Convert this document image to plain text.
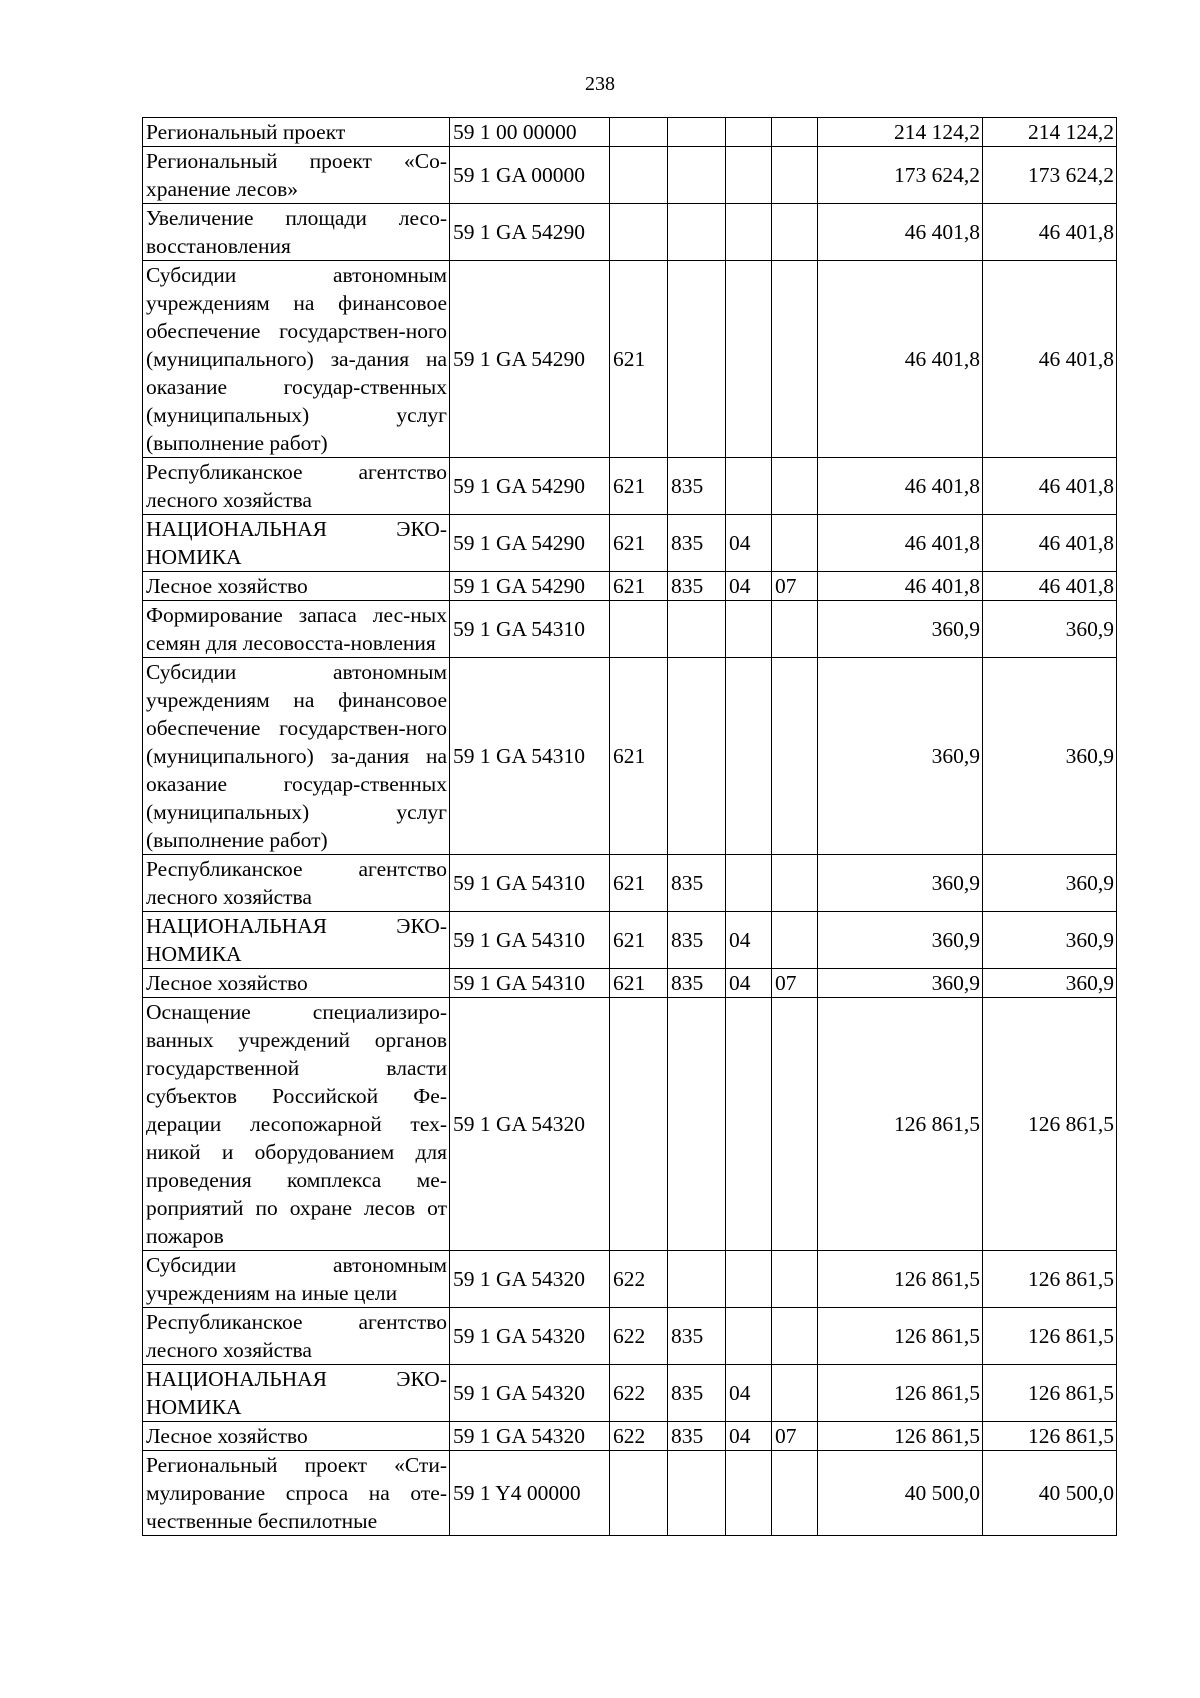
238
Региональный проект	59 1 00 00000					214 124,2	214 124,2
Региональный проект «Со-хранение лесов»	59 1 GA 00000					173 624,2	173 624,2
Увеличение площади лесо-восстановления	59 1 GA 54290					46 401,8	46 401,8
Субсидии автономным учреждениям на финансовое обеспечение государствен-ного (муниципального) за-дания на оказание государ-ственных (муниципальных) услуг (выполнение работ)	59 1 GA 54290	621				46 401,8	46 401,8
Республиканское агентство лесного хозяйства	59 1 GA 54290	621	835			46 401,8	46 401,8
НАЦИОНАЛЬНАЯ ЭКО-НОМИКА	59 1 GA 54290	621	835	04		46 401,8	46 401,8
Лесное хозяйство	59 1 GA 54290	621	835	04	07	46 401,8	46 401,8
Формирование запаса лес-ных семян для лесовосста-новления	59 1 GA 54310					360,9	360,9
Субсидии автономным учреждениям на финансовое обеспечение государствен-ного (муниципального) за-дания на оказание государ-ственных (муниципальных) услуг (выполнение работ)	59 1 GA 54310	621				360,9	360,9
Республиканское агентство лесного хозяйства	59 1 GA 54310	621	835			360,9	360,9
НАЦИОНАЛЬНАЯ ЭКО-НОМИКА	59 1 GA 54310	621	835	04		360,9	360,9
Лесное хозяйство	59 1 GA 54310	621	835	04	07	360,9	360,9
Оснащение специализиро-ванных учреждений органов государственной власти субъектов Российской Фе-дерации лесопожарной тех-никой и оборудованием для проведения комплекса ме-роприятий по охране лесов от пожаров	59 1 GA 54320					126 861,5	126 861,5
Субсидии автономным учреждениям на иные цели	59 1 GA 54320	622				126 861,5	126 861,5
Республиканское агентство лесного хозяйства	59 1 GA 54320	622	835			126 861,5	126 861,5
НАЦИОНАЛЬНАЯ ЭКО-НОМИКА	59 1 GA 54320	622	835	04		126 861,5	126 861,5
Лесное хозяйство	59 1 GA 54320	622	835	04	07	126 861,5	126 861,5
Региональный проект «Сти-мулирование спроса на оте-чественные беспилотные	59 1 Y4 00000					40 500,0	40 500,0
